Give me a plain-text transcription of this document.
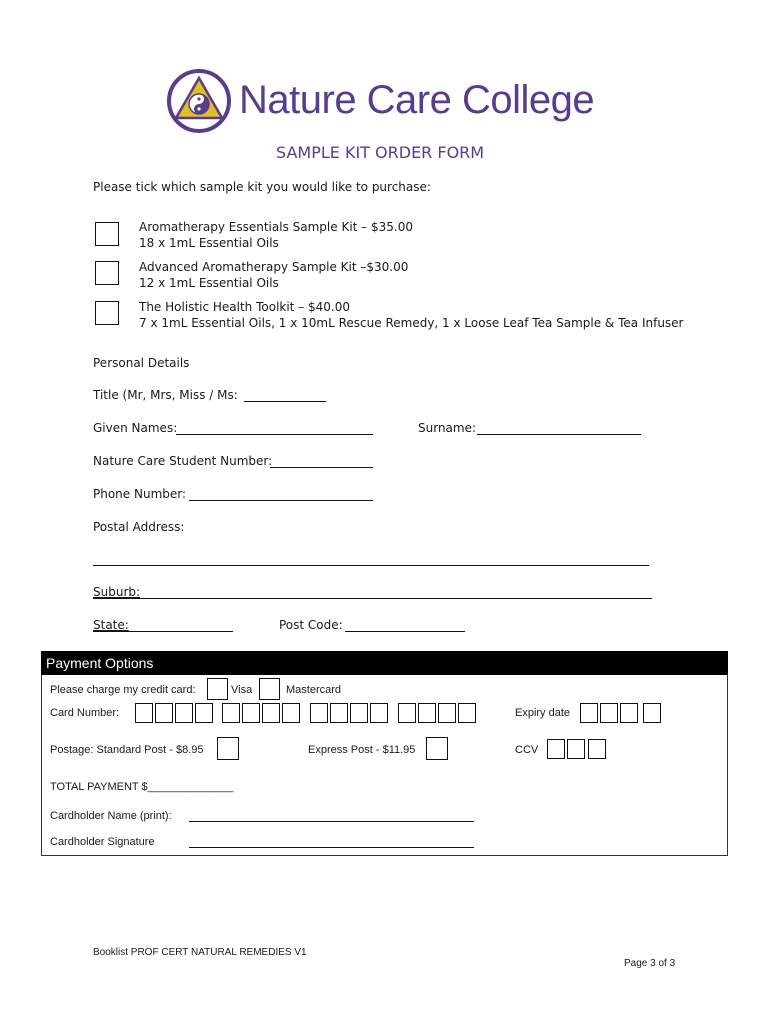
Nature Care College
SAMPLE KIT ORDER FORM
Please tick which sample kit you would like to purchase:
Aromatherapy Essentials Sample Kit – $35.00
18 x 1mL Essential Oils
Advanced Aromatherapy Sample Kit –$30.00
12 x 1mL Essential Oils
The Holistic Health Toolkit – $40.00
7 x 1mL Essential Oils, 1 x 10mL Rescue Remedy, 1 x Loose Leaf Tea Sample & Tea Infuser
Personal Details
Title (Mr, Mrs, Miss / Ms:
Given Names:	Surname:
Nature Care Student Number:
Phone Number:
Postal Address:
Suburb:
State:	Post Code:
Payment Options
Please charge my credit card:	Visa	Mastercard
Card Number:	Expiry date
Postage: Standard Post - $8.95	Express Post - $11.95	CCV
TOTAL PAYMENT $______________
Cardholder Name (print):
Cardholder Signature
Booklist PROF CERT NATURAL REMEDIES V1
Page 3 of 3
